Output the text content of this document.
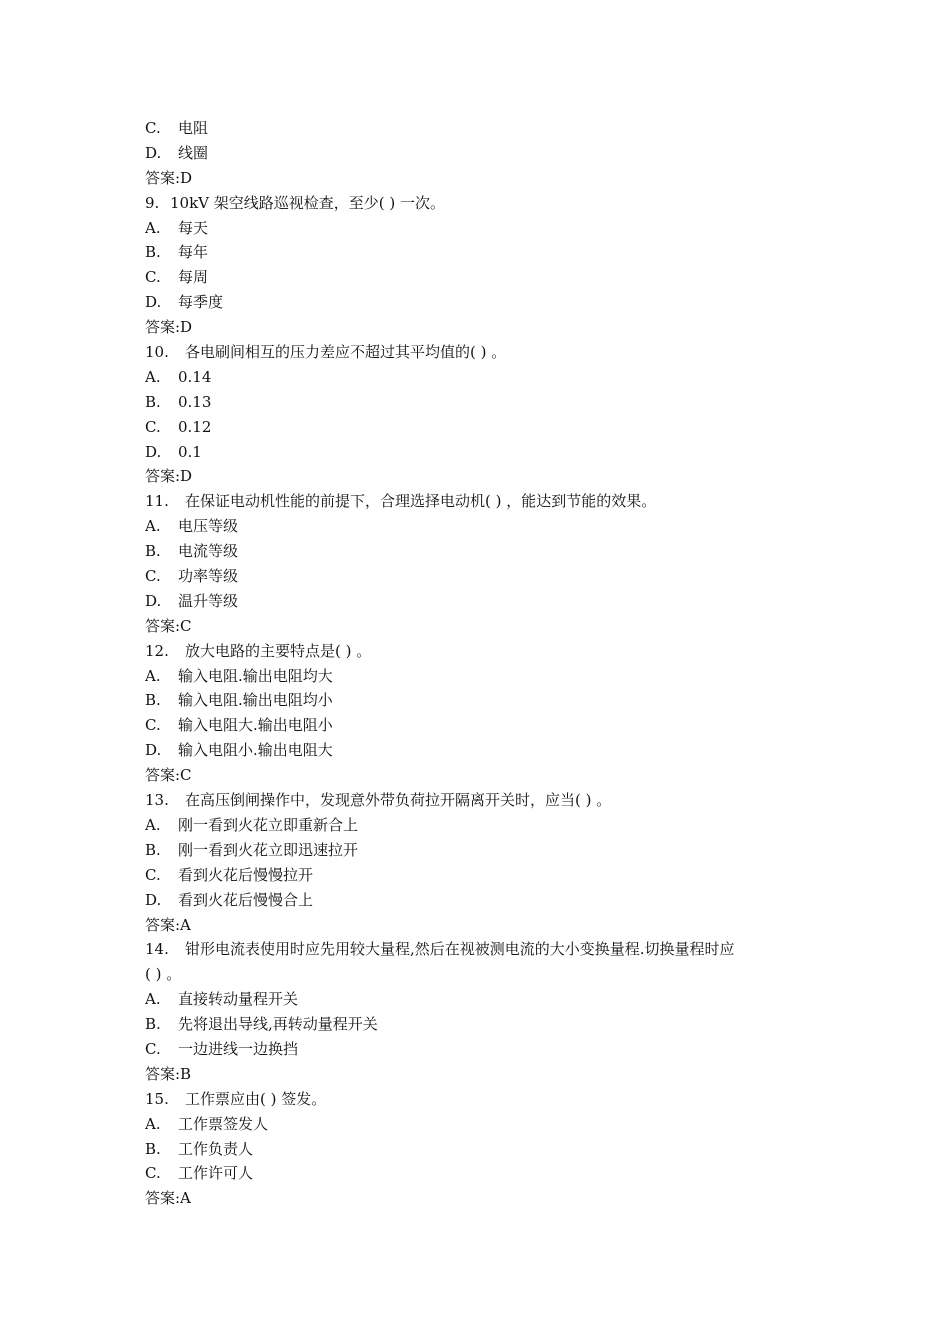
C. 电阻
D. 线圈
答案:D
9. 10kV 架空线路巡视检查，至少( ) 一次。
A. 每天
B. 每年
C. 每周
D. 每季度
答案:D
10. 各电刷间相互的压力差应不超过其平均值的( ) 。
A. 0.14
B. 0.13
C. 0.12
D. 0.1
答案:D
11. 在保证电动机性能的前提下，合理选择电动机( ) ，能达到节能的效果。
A. 电压等级
B. 电流等级
C. 功率等级
D. 温升等级
答案:C
12. 放大电路的主要特点是( ) 。
A. 输入电阻.输出电阻均大
B. 输入电阻.输出电阻均小
C. 输入电阻大.输出电阻小
D. 输入电阻小.输出电阻大
答案:C
13. 在高压倒闸操作中，发现意外带负荷拉开隔离开关时，应当( ) 。
A. 刚一看到火花立即重新合上
B. 刚一看到火花立即迅速拉开
C. 看到火花后慢慢拉开
D. 看到火花后慢慢合上
答案:A
14. 钳形电流表使用时应先用较大量程,然后在视被测电流的大小变换量程.切换量程时应
( ) 。
A. 直接转动量程开关
B. 先将退出导线,再转动量程开关
C. 一边进线一边换挡
答案:B
15. 工作票应由( ) 签发。
A. 工作票签发人
B. 工作负责人
C. 工作许可人
答案:A
